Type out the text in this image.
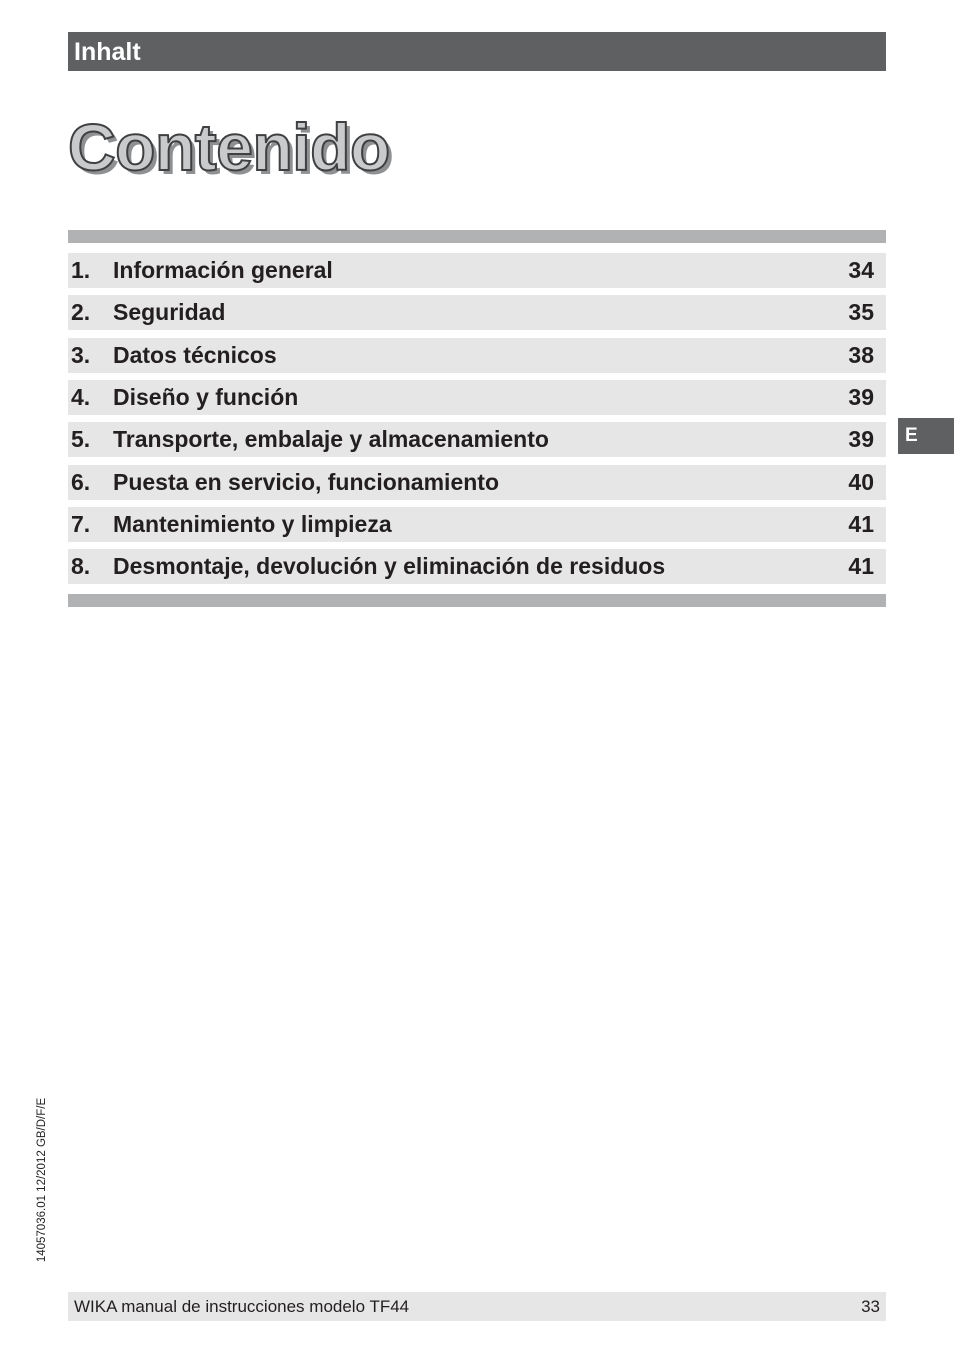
Inhalt
Contenido
1. Información general	34
2. Seguridad	35
3. Datos técnicos	38
4. Diseño y función	39
5. Transporte, embalaje y almacenamiento	39
6. Puesta en servicio, funcionamiento	40
7. Mantenimiento y limpieza	41
8. Desmontaje, devolución y eliminación de residuos	41
E
14057036.01 12/2012 GB/D/F/E
WIKA manual de instrucciones modelo TF44	33
